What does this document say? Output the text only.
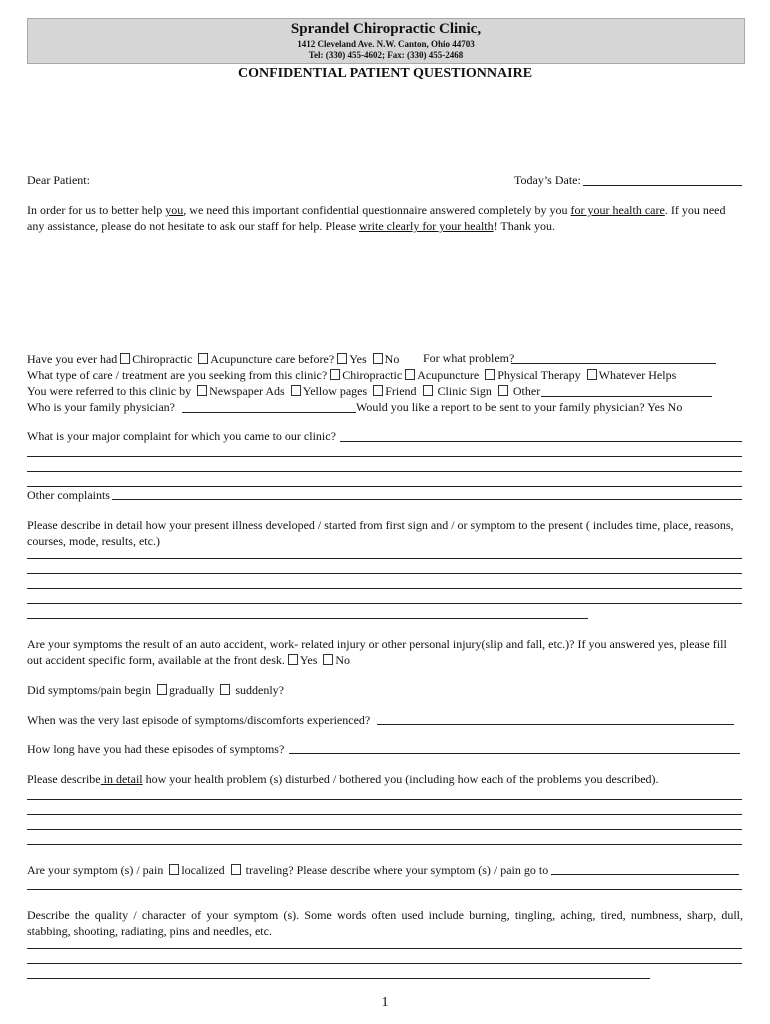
Sprandel Chiropractic Clinic,
1412 Cleveland Ave. N.W. Canton, Ohio 44703
Tel: (330) 455-4602; Fax: (330) 455-2468
CONFIDENTIAL PATIENT QUESTIONNAIRE
Dear Patient:	Today’s Date:
In order for us to better help you, we need this important confidential questionnaire answered completely by you for your health care. If you need any assistance, please do not hesitate to ask our staff for help. Please write clearly for your health! Thank you.
Have you ever had Chiropractic Acupuncture care before? Yes No For what problem?
What type of care / treatment are you seeking from this clinic? Chiropractic Acupuncture Physical Therapy Whatever Helps
You were referred to this clinic by Newspaper Ads Yellow pages Friend Clinic Sign Other
Who is your family physician?	Would you like a report to be sent to your family physician? Yes No
What is your major complaint for which you came to our clinic?
Other complaints
Please describe in detail how your present illness developed / started from first sign and / or symptom to the present ( includes time, place, reasons, courses, mode, results, etc.)
Are your symptoms the result of an auto accident, work- related injury or other personal injury(slip and fall, etc.)? If you answered yes, please fill out accident specific form, available at the front desk. Yes No
Did symptoms/pain begin gradually suddenly?
When was the very last episode of symptoms/discomforts experienced?
How long have you had these episodes of symptoms?
Please describe in detail how your health problem (s) disturbed / bothered you (including how each of the problems you described).
Are your symptom (s) / pain localized traveling? Please describe where your symptom (s) / pain go to
Describe the quality / character of your symptom (s). Some words often used include burning, tingling, aching, tired, numbness, sharp, dull, stabbing, shooting, radiating, pins and needles, etc.
1
